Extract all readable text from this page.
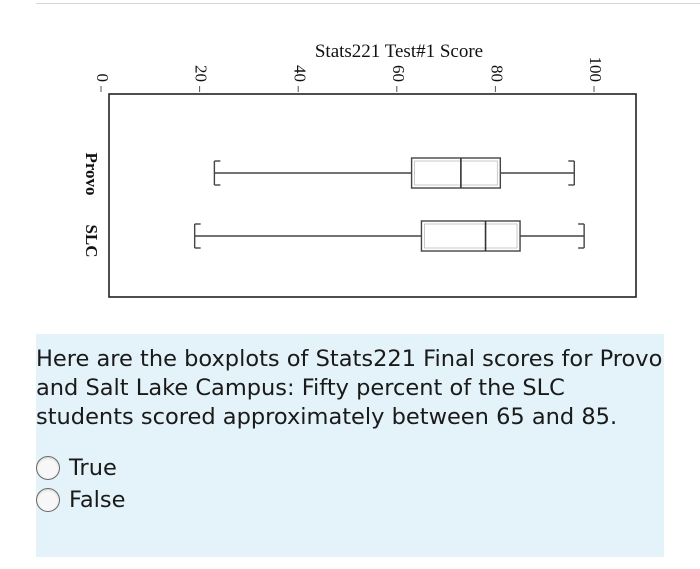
Stats221 Test#1 Score
0	20	40	60	80	100
Provo
SLC
Here are the boxplots of Stats221 Final scores for Provo and Salt Lake Campus: Fifty percent of the SLC students scored approximately between 65 and 85.
True
False
